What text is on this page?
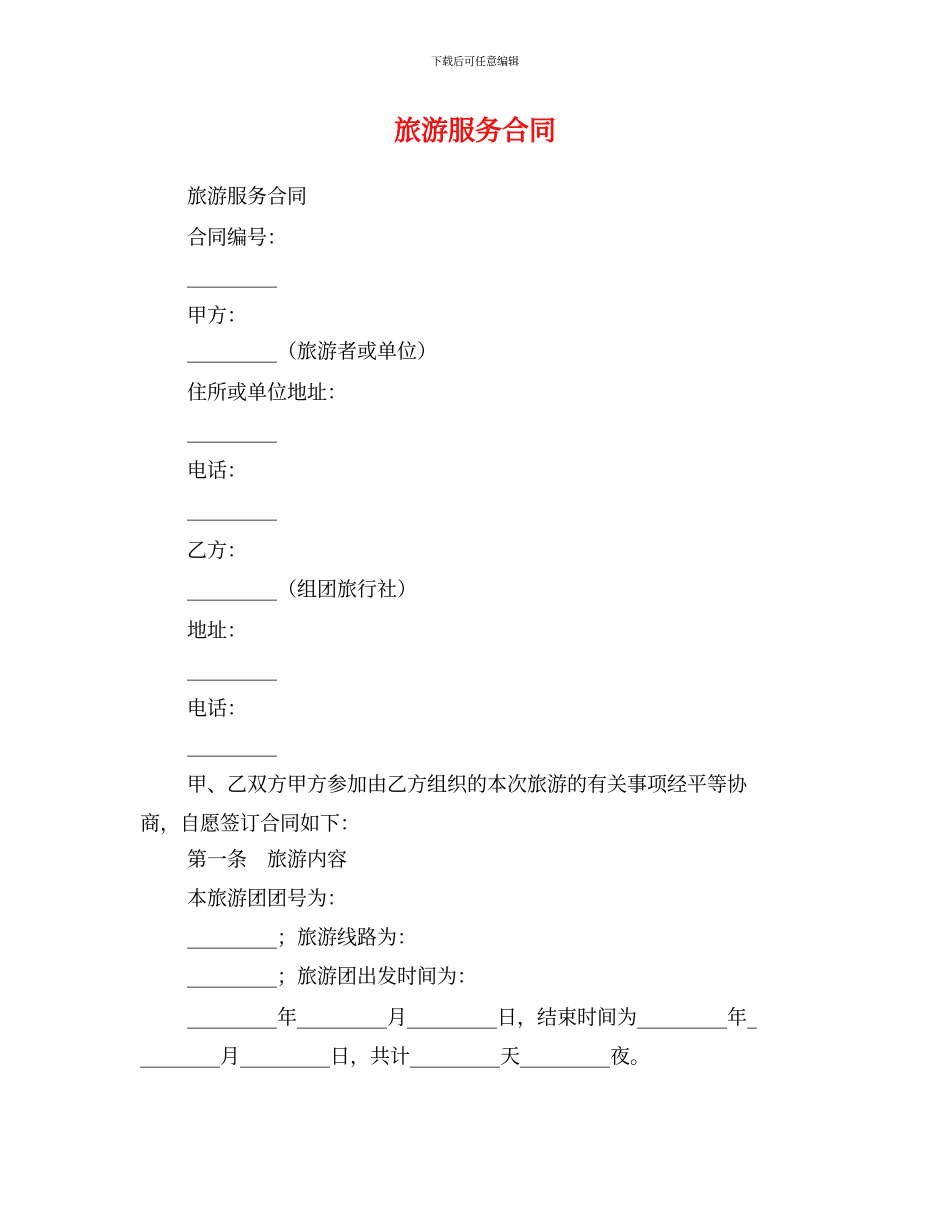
下载后可任意编辑
旅游服务合同
旅游服务合同
合同编号：
_________
甲方：
_________（旅游者或单位）
住所或单位地址：
_________
电话：
_________
乙方：
_________（组团旅行社）
地址：
_________
电话：
_________
甲、乙双方甲方参加由乙方组织的本次旅游的有关事项经平等协
商，自愿签订合同如下：
第一条　旅游内容
本旅游团团号为：
_________；旅游线路为：
_________；旅游团出发时间为：
_________年_________月_________日，结束时间为_________年_
________月_________日，共计_________天_________夜。
